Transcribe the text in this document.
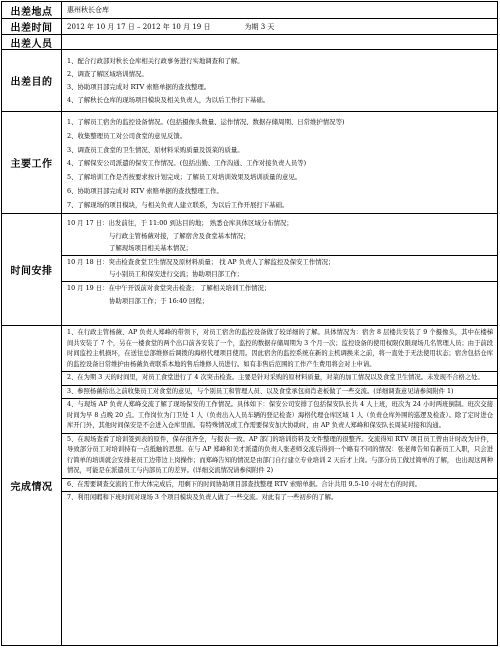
出差地点	惠州秋长仓库
出差时间	2012 年 10 月 17 日 – 2012 年 10 月 19 日	为期 3 天
出差人员
出差目的
1、配合行政部对秋长仓库相关行政事务进行实地调查和了解。
2、调查了解区域培训情况。
3、协助项目部完成对 RTV 索赔单据的查找整理。
4、了解秋长仓库的现场项目模块及相关负责人，为以后工作打下基础。
主要工作
1、了解员工宿舍的监控设备情况。(包括摄像头数量、运作情况、数据存储周期、日常维护情况等)
2、收集整理员工对公司食堂的意见反馈。
3、调查员工食堂的卫生情况、原材料采购质量及饭菜的质量。
4、了解保安公司派遣的保安工作情况。(包括出勤、工作沟通、工作对接负责人员等)
5、了解培训工作是否按要求按计划完成；了解员工对培训效果及培训质量的意见。
6、协助项目部完成对 RTV 索赔单据的查找整理工作。
7、了解现场的项目模块，与相关负责人建立联系，为以后工作开展打下基础。
时间安排
10 月 17 日：出发前往，于 11:00 到达目的地； 熟悉仓库具体区域分布情况；
与行政主管杨薇对接，了解宿舍及食堂基本情况；
了解现场项目相关基本情况；
10 月 18 日：突击检查食堂卫生情况及原材料质量； 找 AP 负责人了解监控及保安工作情况；
与小别员工和保安进行交流；协助项目部工作；
10 月 19 日：在中午开饭前对食堂突击检查； 了解相关培训工作情况；
协助项目部工作；于 16:40 回程；
完成情况

1、在行政主管杨薇、AP 负责人郑峰的带领下，对员工宿舍的监控设备做了较详细的了解。具体情况为：宿舍 8 层楼共安装了 9 个摄像头，其中在楼梯间共安装了 7 个，另在一楼食堂的两个出口前各安装了一个，监控的数据存储周期为 3 个月一次；监控设备的使用权限仅限现场几名管理人员；由于前段时间监控主机损坏，在送往总部维修后调拨的海格代理项目使用。因此宿舍的监控系统在新的主机调换来之前，将一直处于无法使用状态；宿舍包括仓库的监控设备日常维护由杨薇负责联系本地的售后维修人员进行。如有非售后范围的工作产生费用将会对上申请。

2、在为期 3 天的时间里，对员工食堂进行了 4 次突击检查。主要是针对采购的原材料质量，对菜的加工情况以及食堂卫生情况。未发现不合格之处。

3、参照杨薇给出之前收集员工对食堂的意见，与个别员工和管理人员、以及食堂承包商肖老板做了一些交流。(详细调查意见请参阅附件 1)

4、与现场 AP 负责人郑峰交流了解了现场保安的工作情况。具体如下：保安公司安排了包括保安队长共 4 人上班，班次为 24 小时两班倒制。班次交接时间为早 8 点晚 20 点。工作岗位为门卫处 1 人（负责出入人员车辆的登记检查）海格代理仓库区域 1 人（负责仓库外围的巡逻及检查）。除了定时进仓库开门外，其他时间保安是不会进入仓库里面。有特殊情况或工作需要保安加大协助时，由 AP 负责人郑峰和保安队长周某对接和沟通。

5、在现场查看了培训签到表的原件，保存很齐全，与报表一致。AP 部门的培训资料及文件整理的很整齐。交流得知 RTV 项目员工曾由计时改为计件，导致部分员工对培训持有一点抵触的思想。在与 AP 郑峰和美才派遣的负责人张老师交流后得到一个略有不同的情况：张老师告知有新员工入职，只会进行简单的培训就会安排老员工边带边上岗操作；而郑峰告知的情况是由部门自行建立专业培训 2 天后才上岗。与部分员工做过简单的了解， 也出现这两种情况，可能是在派遣员工与内部员工的差异。(详细交流情况请参阅附件 2)

6、在需要调查交流的工作大体完成后，用剩下的时间协助项目部查找整理 RTV 索赔单据。合计共用 9.5-10 小时左右的时间。

7、利用闲暇和下班时间对现场 3 个项目模块及负责人做了一些交流。对此有了一些初步的了解。
